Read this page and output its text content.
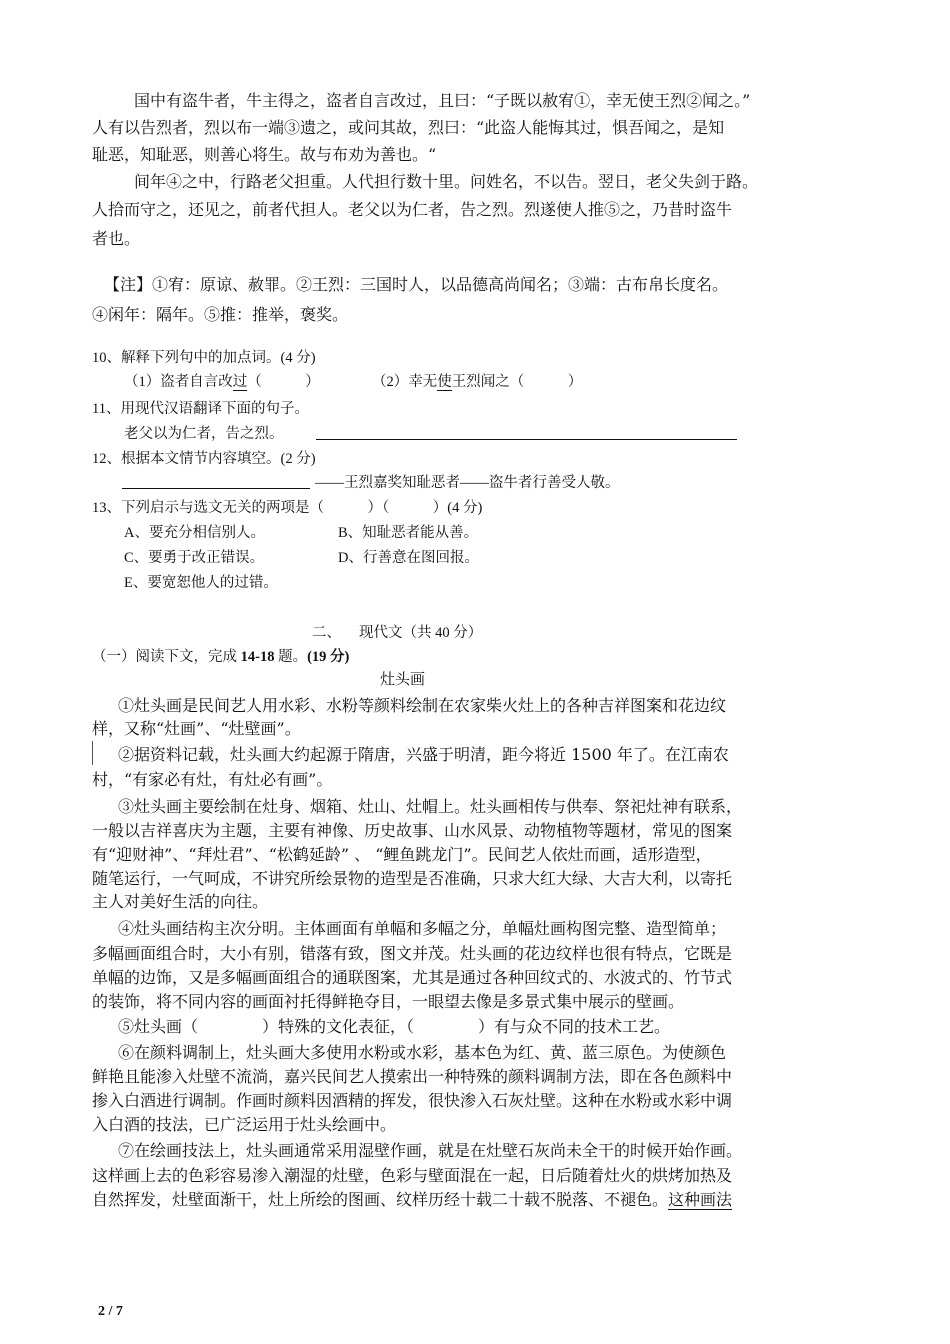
国中有盗牛者，牛主得之，盗者自言改过，且曰：“子既以赦宥①，幸无使王烈②闻之。”
人有以告烈者，烈以布一端③遗之，或问其故，烈曰：“此盗人能悔其过，惧吾闻之，是知
耻恶，知耻恶，则善心将生。故与布劝为善也。“
间年④之中，行路老父担重。人代担行数十里。问姓名，不以告。翌日，老父失剑于路。
人拾而守之，还见之，前者代担人。老父以为仁者，告之烈。烈遂使人推⑤之，乃昔时盗牛
者也。
【注】①宥：原谅、赦罪。②王烈：三国时人，以品德高尚闻名；③端：古布帛长度名。
④闲年：隔年。⑤推：推举，褒奖。
10、解释下列句中的加点词。(4 分)
（1）盗者自言改过（　　　）	（2）幸无使王烈闻之（　　　）
11、用现代汉语翻译下面的句子。
老父以为仁者，告之烈。
12、根据本文情节内容填空。(2 分)
——王烈嘉奖知耻恶者——盗牛者行善受人敬。
13、下列启示与选文无关的两项是（　　　）（　　　）(4 分)
A、要充分相信别人。	B、知耻恶者能从善。
C、要勇于改正错误。	D、行善意在图回报。
E、要宽恕他人的过错。
二、 现代文（共 40 分）
（一）阅读下文，完成 14-18 题。(19 分)
灶头画
①灶头画是民间艺人用水彩、水粉等颜料绘制在农家柴火灶上的各种吉祥图案和花边纹
样，又称“灶画”、“灶壁画”。
②据资料记载，灶头画大约起源于隋唐，兴盛于明清，距今将近 1500 年了。在江南农
村，“有家必有灶，有灶必有画”。
③灶头画主要绘制在灶身、烟箱、灶山、灶帽上。灶头画相传与供奉、祭祀灶神有联系，
一般以吉祥喜庆为主题，主要有神像、历史故事、山水风景、动物植物等题材，常见的图案
有“迎财神”、“拜灶君”、“松鹤延龄” 、 “鲤鱼跳龙门”。民间艺人依灶而画，适形造型，
随笔运行，一气呵成，不讲究所绘景物的造型是否准确，只求大红大绿、大吉大利，以寄托
主人对美好生活的向往。
④灶头画结构主次分明。主体画面有单幅和多幅之分，单幅灶画构图完整、造型简单；
多幅画面组合时，大小有别，错落有致，图文并茂。灶头画的花边纹样也很有特点，它既是
单幅的边饰，又是多幅画面组合的通联图案，尤其是通过各种回纹式的、水波式的、竹节式
的装饰，将不同内容的画面衬托得鲜艳夺目，一眼望去像是多景式集中展示的壁画。
⑤灶头画（　　　　）特殊的文化表征，（　　　　）有与众不同的技术工艺。
⑥在颜料调制上，灶头画大多使用水粉或水彩，基本色为红、黄、蓝三原色。为使颜色
鲜艳且能渗入灶壁不流淌，嘉兴民间艺人摸索出一种特殊的颜料调制方法，即在各色颜料中
掺入白酒进行调制。作画时颜料因酒精的挥发，很快渗入石灰灶壁。这种在水粉或水彩中调
入白酒的技法，已广泛运用于灶头绘画中。
⑦在绘画技法上，灶头画通常采用湿壁作画，就是在灶壁石灰尚未全干的时候开始作画。
这样画上去的色彩容易渗入潮湿的灶壁，色彩与壁面混在一起，日后随着灶火的烘烤加热及
自然挥发，灶壁面渐干，灶上所绘的图画、纹样历经十载二十载不脱落、不褪色。这种画法
2 / 7
